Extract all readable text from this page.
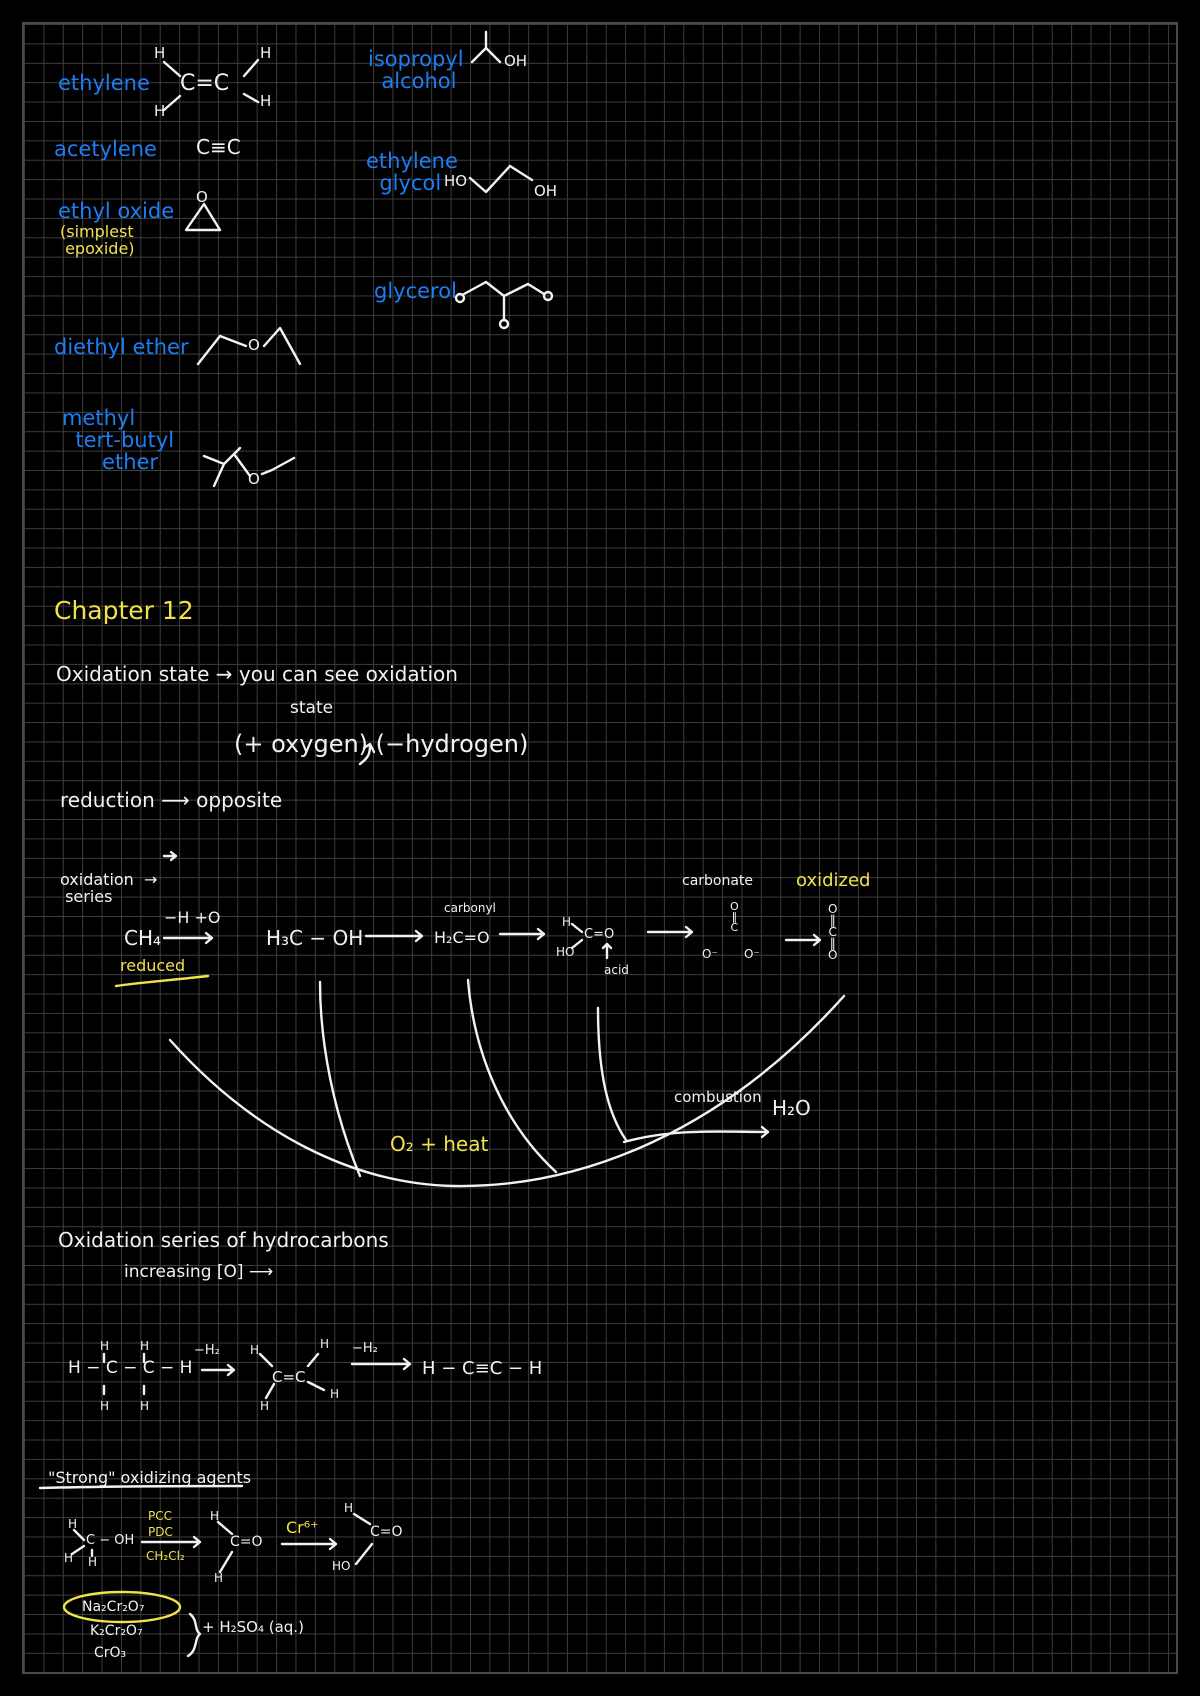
ethylene
acetylene C≡C
ethyl oxide
(simplest
epoxide)
diethyl ether
methyl
tert-butyl
ether
isopropyl
alcohol
ethylene
glycol
glycerol
Chapter 12
Oxidation state → you can see oxidation
state
(+ oxygen) (−hydrogen)
reduction ⟶ opposite
oxidation  →
series
−H +O
CH₄
reduced
H₃C − OH
carbonyl
H₂C=O
acid
carbonate oxidized
O₂ + heat
combustion H₂O
O
‖
C
‖
O
O
‖
C
O⁻ O⁻
Oxidation series of hydrocarbons
increasing [O] ⟶
H − C − C − H
−H₂	−H₂
H − C≡C − H
"Strong" oxidizing agents
PCC
PDC
CH₂Cl₂
Cr⁶⁺
C − OH
Na₂Cr₂O₇
K₂Cr₂O₇
CrO₃
+ H₂SO₄ (aq.)
H	H
H
H
C=C
O
O
O
OH
HO
OH
H
C=O
HO
H	H
H	H
H	H
H
H
C=C
H
H H
H
C=O
H
H
C=O
HO
